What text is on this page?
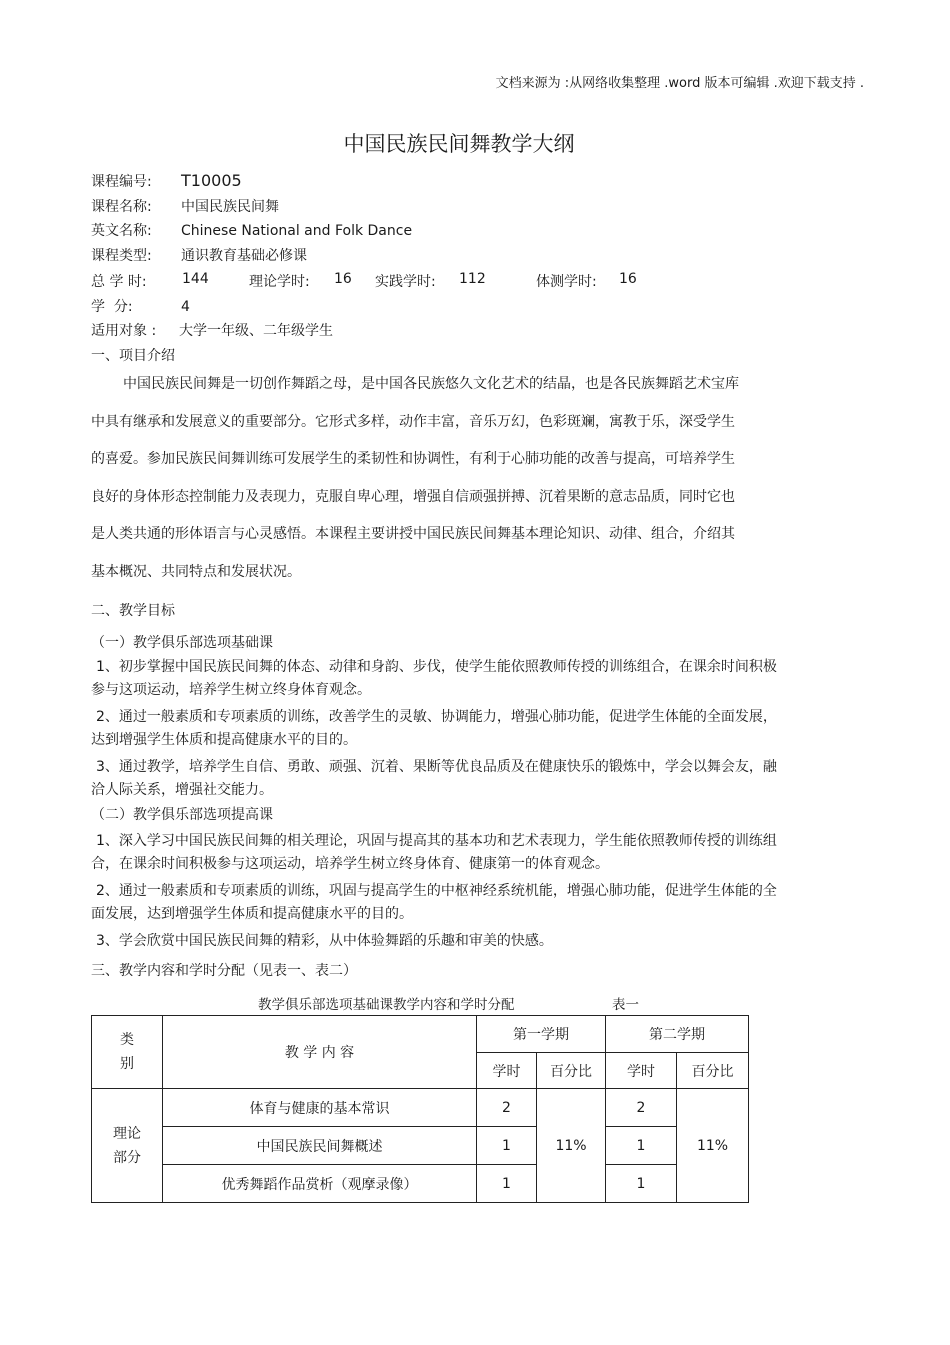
文档来源为 :从网络收集整理 .word 版本可编辑 .欢迎下载支持 .
中国民族民间舞教学大纲
课程编号: T10005
课程名称: 中国民族民间舞
英文名称: Chinese National and Folk Dance
课程类型: 通识教育基础必修课
总 学 时:	144	理论学时: 16 实践学时: 112	体测学时: 16
学  分:	4
适用对象 : 大学一年级、二年级学生
一、项目介绍
中国民族民间舞是一切创作舞蹈之母，是中国各民族悠久文化艺术的结晶，也是各民族舞蹈艺术宝库
中具有继承和发展意义的重要部分。它形式多样，动作丰富，音乐万幻，色彩斑斓，寓教于乐，深受学生
的喜爱。参加民族民间舞训练可发展学生的柔韧性和协调性，有利于心肺功能的改善与提高，可培养学生
良好的身体形态控制能力及表现力，克服自卑心理，增强自信顽强拼搏、沉着果断的意志品质，同时它也
是人类共通的形体语言与心灵感悟。本课程主要讲授中国民族民间舞基本理论知识、动律、组合，介绍其
基本概况、共同特点和发展状况。
二、教学目标
（一）教学俱乐部选项基础课
1、初步掌握中国民族民间舞的体态、动律和身韵、步伐，使学生能依照教师传授的训练组合，在课余时间积极参与这项运动，培养学生树立终身体育观念。
2、通过一般素质和专项素质的训练，改善学生的灵敏、协调能力，增强心肺功能，促进学生体能的全面发展，达到增强学生体质和提高健康水平的目的。
3、通过教学，培养学生自信、勇敢、顽强、沉着、果断等优良品质及在健康快乐的锻炼中，学会以舞会友，融洽人际关系，增强社交能力。
（二）教学俱乐部选项提高课
1、深入学习中国民族民间舞的相关理论，巩固与提高其的基本功和艺术表现力，学生能依照教师传授的训练组合，在课余时间积极参与这项运动，培养学生树立终身体育、健康第一的体育观念。
2、通过一般素质和专项素质的训练，巩固与提高学生的中枢神经系统机能，增强心肺功能，促进学生体能的全面发展，达到增强学生体质和提高健康水平的目的。
3、学会欣赏中国民族民间舞的精彩，从中体验舞蹈的乐趣和审美的快感。
三、教学内容和学时分配（见表一、表二）
教学俱乐部选项基础课教学内容和学时分配	表一
类
别	教 学 内 容	第一学期		第二学期	
		学时	百分比	学时	百分比
理论
部分	体育与健康的基本常识	2	11%	2	11%
	中国民族民间舞概述	1		1	
	优秀舞蹈作品赏析（观摩录像）	1		1	
